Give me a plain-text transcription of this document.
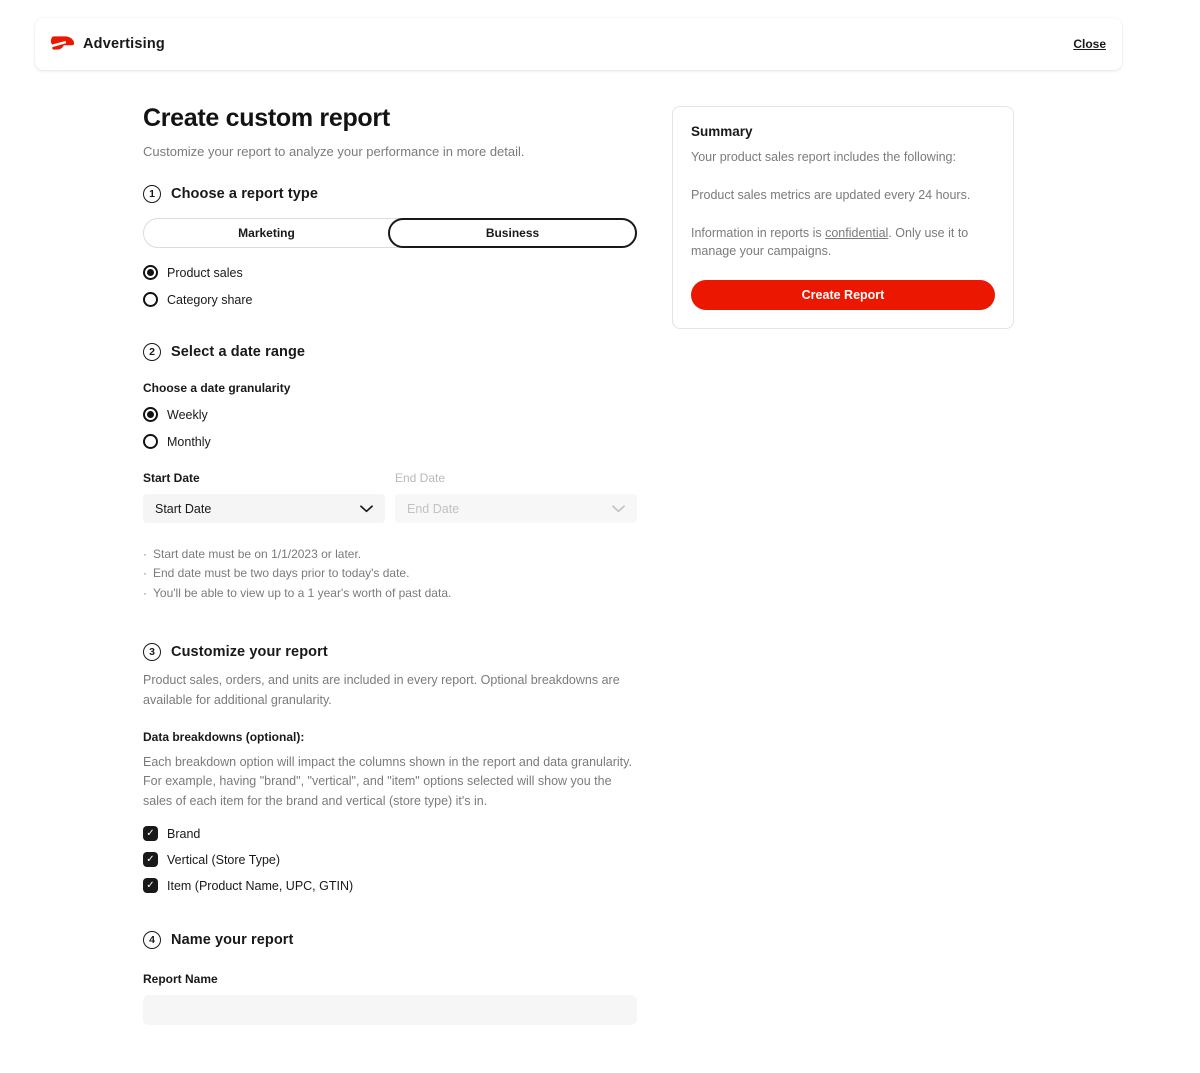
Advertising	Close
Create custom report
Customize your report to analyze your performance in more detail.
1	Choose a report type
Marketing	Business
Product sales
Category share
2	Select a date range
Choose a date granularity
Weekly
Monthly
Start Date
Start Date
End Date
End Date
· Start date must be on 1/1/2023 or later.
· End date must be two days prior to today's date.
· You'll be able to view up to a 1 year's worth of past data.
3	Customize your report
Product sales, orders, and units are included in every report. Optional breakdowns are available for additional granularity.
Data breakdowns (optional):
Each breakdown option will impact the columns shown in the report and data granularity. For example, having "brand", "vertical", and "item" options selected will show you the sales of each item for the brand and vertical (store type) it's in.
✓ Brand
✓ Vertical (Store Type)
✓ Item (Product Name, UPC, GTIN)
4	Name your report
Report Name
Summary
Your product sales report includes the following:
Product sales metrics are updated every 24 hours.
Information in reports is confidential. Only use it to manage your campaigns.
Create Report
